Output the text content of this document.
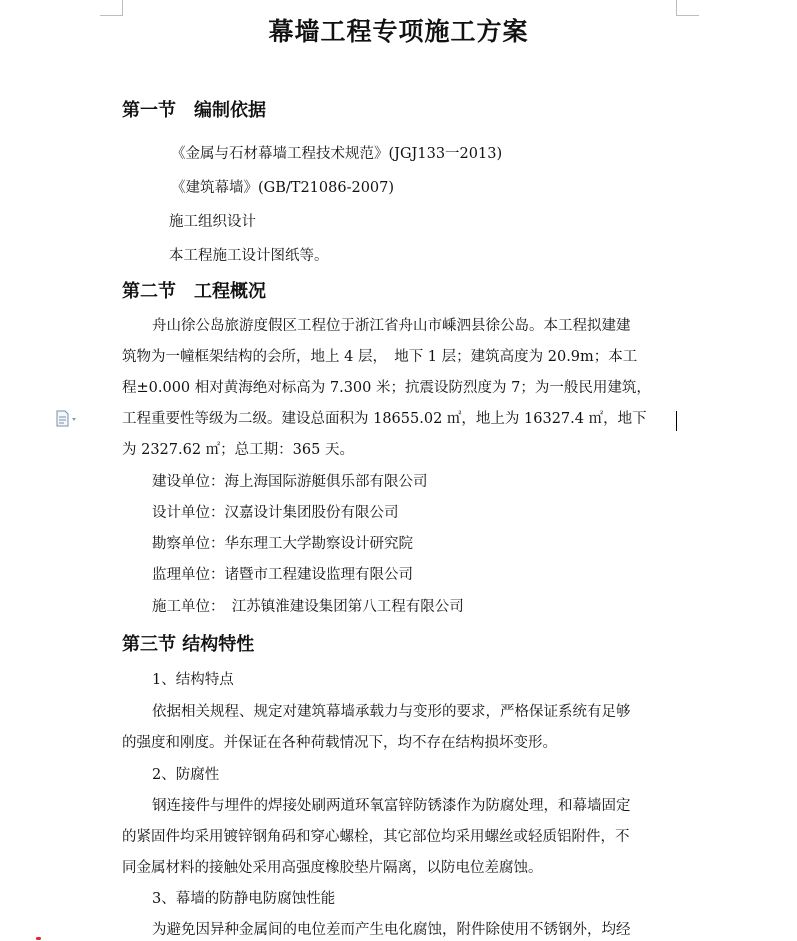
幕墙工程专项施工方案
第一节　编制依据
《金属与石材幕墙工程技术规范》(JGJ133一2013)
《建筑幕墙》(GB/T21086-2007)
施工组织设计
本工程施工设计图纸等。
第二节　工程概况
舟山徐公岛旅游度假区工程位于浙江省舟山市嵊泗县徐公岛。本工程拟建建
筑物为一幢框架结构的会所，地上 4 层，　地下 1 层；建筑高度为 20.9m；本工
程±0.000 相对黄海绝对标高为 7.300 米；抗震设防烈度为 7；为一般民用建筑，
工程重要性等级为二级。建设总面积为 18655.02 ㎡，地上为 16327.4 ㎡，地下
为 2327.62 ㎡；总工期：365 天。
建设单位：海上海国际游艇俱乐部有限公司
设计单位：汉嘉设计集团股份有限公司
勘察单位：华东理工大学勘察设计研究院
监理单位：诸暨市工程建设监理有限公司
施工单位：　江苏镇淮建设集团第八工程有限公司
第三节 结构特性
1、结构特点
依据相关规程、规定对建筑幕墙承载力与变形的要求，严格保证系统有足够
的强度和刚度。并保证在各种荷载情况下，均不存在结构损坏变形。
2、防腐性
钢连接件与埋件的焊接处刷两道环氧富锌防锈漆作为防腐处理，和幕墙固定
的紧固件均采用镀锌钢角码和穿心螺栓，其它部位均采用螺丝或轻质铝附件，不
同金属材料的接触处采用高强度橡胶垫片隔离，以防电位差腐蚀。
3、幕墙的防静电防腐蚀性能
为避免因异种金属间的电位差而产生电化腐蚀，附件除使用不锈钢外，均经
